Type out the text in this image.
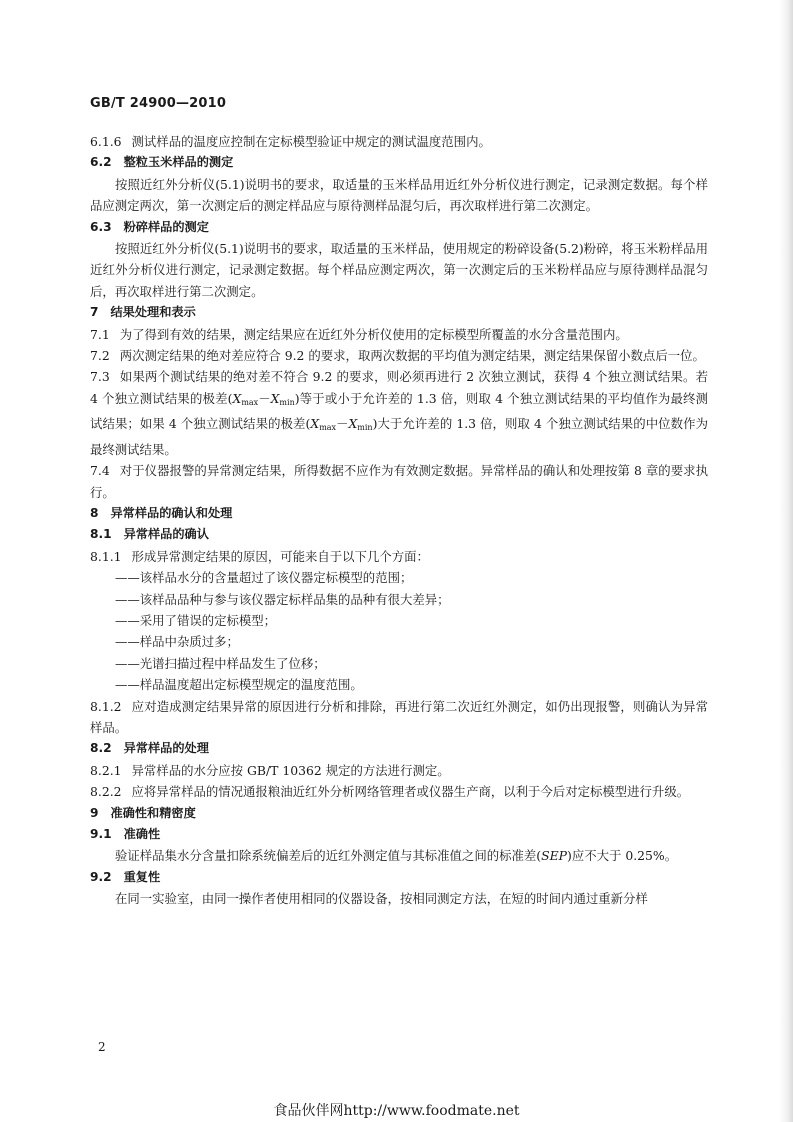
GB/T 24900—2010

6.1.6 测试样品的温度应控制在定标模型验证中规定的测试温度范围内。

6.2 整粒玉米样品的测定

按照近红外分析仪(5.1)说明书的要求，取适量的玉米样品用近红外分析仪进行测定，记录测定数据。每个样品应测定两次，第一次测定后的测定样品应与原待测样品混匀后，再次取样进行第二次测定。

6.3 粉碎样品的测定

按照近红外分析仪(5.1)说明书的要求，取适量的玉米样品，使用规定的粉碎设备(5.2)粉碎，将玉米粉样品用近红外分析仪进行测定，记录测定数据。每个样品应测定两次，第一次测定后的玉米粉样品应与原待测样品混匀后，再次取样进行第二次测定。

7 结果处理和表示

7.1 为了得到有效的结果，测定结果应在近红外分析仪使用的定标模型所覆盖的水分含量范围内。

7.2 两次测定结果的绝对差应符合 9.2 的要求，取两次数据的平均值为测定结果，测定结果保留小数点后一位。

7.3 如果两个测试结果的绝对差不符合 9.2 的要求，则必须再进行 2 次独立测试，获得 4 个独立测试结果。若 4 个独立测试结果的极差$(X_{max}-X_{min})$等于或小于允许差的 1.3 倍，则取 4 个独立测试结果的平均值作为最终测试结果；如果 4 个独立测试结果的极差$(X_{max}-X_{min})$大于允许差的 1.3 倍，则取 4 个独立测试结果的中位数作为最终测试结果。

7.4 对于仪器报警的异常测定结果，所得数据不应作为有效测定数据。异常样品的确认和处理按第 8 章的要求执行。

8 异常样品的确认和处理

8.1 异常样品的确认

8.1.1 形成异常测定结果的原因，可能来自于以下几个方面：

——该样品水分的含量超过了该仪器定标模型的范围；

——该样品品种与参与该仪器定标样品集的品种有很大差异；

——采用了错误的定标模型；

——样品中杂质过多；

——光谱扫描过程中样品发生了位移；

——样品温度超出定标模型规定的温度范围。

8.1.2 应对造成测定结果异常的原因进行分析和排除，再进行第二次近红外测定，如仍出现报警，则确认为异常样品。

8.2 异常样品的处理

8.2.1 异常样品的水分应按 GB/T 10362 规定的方法进行测定。

8.2.2 应将异常样品的情况通报粮油近红外分析网络管理者或仪器生产商，以利于今后对定标模型进行升级。

9 准确性和精密度

9.1 准确性

验证样品集水分含量扣除系统偏差后的近红外测定值与其标准值之间的标准差(SEP)应不大于 0.25%。

9.2 重复性

在同一实验室，由同一操作者使用相同的仪器设备，按相同测定方法，在短的时间内通过重新分样

2
食品伙伴网http://www.foodmate.net
